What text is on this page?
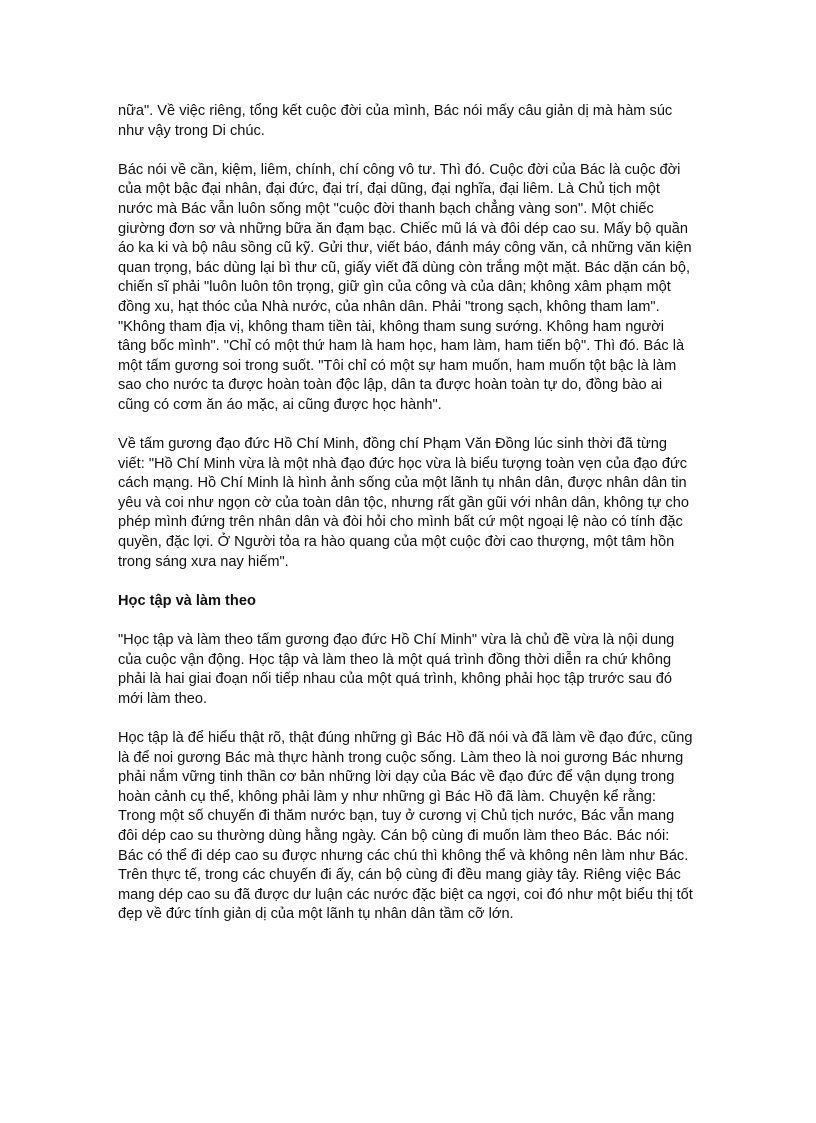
nữa". Về việc riêng, tổng kết cuộc đời của mình, Bác nói mấy câu giản dị mà hàm súc như vậy trong Di chúc.

Bác nói về cần, kiệm, liêm, chính, chí công vô tư. Thì đó. Cuộc đời của Bác là cuộc đời của một bậc đại nhân, đại đức, đại trí, đại dũng, đại nghĩa, đại liêm. Là Chủ tịch một nước mà Bác vẫn luôn sống một "cuộc đời thanh bạch chẳng vàng son". Một chiếc giường đơn sơ và những bữa ăn đạm bạc. Chiếc mũ lá và đôi dép cao su. Mấy bộ quần áo ka ki và bộ nâu sồng cũ kỹ. Gửi thư, viết báo, đánh máy công văn, cả những văn kiện quan trọng, bác dùng lại bì thư cũ, giấy viết đã dùng còn trắng một mặt. Bác dặn cán bộ, chiến sĩ phải "luôn luôn tôn trọng, giữ gìn của công và của dân; không xâm phạm một đồng xu, hạt thóc của Nhà nước, của nhân dân. Phải "trong sạch, không tham lam". "Không tham địa vị, không tham tiền tài, không tham sung sướng. Không ham người tâng bốc mình". "Chỉ có một thứ ham là ham học, ham làm, ham tiến bộ". Thì đó. Bác là một tấm gương soi trong suốt. "Tôi chỉ có một sự ham muốn, ham muốn tột bậc là làm sao cho nước ta được hoàn toàn độc lập, dân ta được hoàn toàn tự do, đồng bào ai cũng có cơm ăn áo mặc, ai cũng được học hành".

Về tấm gương đạo đức Hồ Chí Minh, đồng chí Phạm Văn Đồng lúc sinh thời đã từng viết: "Hồ Chí Minh vừa là một nhà đạo đức học vừa là biểu tượng toàn vẹn của đạo đức cách mạng. Hồ Chí Minh là hình ảnh sống của một lãnh tụ nhân dân, được nhân dân tin yêu và coi như ngọn cờ của toàn dân tộc, nhưng rất gần gũi với nhân dân, không tự cho phép mình đứng trên nhân dân và đòi hỏi cho mình bất cứ một ngoại lệ nào có tính đặc quyền, đặc lợi. Ở Người tỏa ra hào quang của một cuộc đời cao thượng, một tâm hồn trong sáng xưa nay hiếm".

Học tập và làm theo

"Học tập và làm theo tấm gương đạo đức Hồ Chí Minh" vừa là chủ đề vừa là nội dung của cuộc vận động. Học tập và làm theo là một quá trình đồng thời diễn ra chứ không phải là hai giai đoạn nối tiếp nhau của một quá trình, không phải học tập trước sau đó mới làm theo.

Học tập là để hiểu thật rõ, thật đúng những gì Bác Hồ đã nói và đã làm về đạo đức, cũng là để noi gương Bác mà thực hành trong cuộc sống. Làm theo là noi gương Bác nhưng phải nắm vững tinh thần cơ bản những lời dạy của Bác về đạo đức để vận dụng trong hoàn cảnh cụ thể, không phải làm y như những gì Bác Hồ đã làm. Chuyện kể rằng: Trong một số chuyến đi thăm nước bạn, tuy ở cương vị Chủ tịch nước, Bác vẫn mang đôi dép cao su thường dùng hằng ngày. Cán bộ cùng đi muốn làm theo Bác. Bác nói: Bác có thể đi dép cao su được nhưng các chú thì không thể và không nên làm như Bác. Trên thực tế, trong các chuyến đi ấy, cán bộ cùng đi đều mang giày tây. Riêng việc Bác mang dép cao su đã được dư luận các nước đặc biệt ca ngợi, coi đó như một biểu thị tốt đẹp về đức tính giản dị của một lãnh tụ nhân dân tầm cỡ lớn.
